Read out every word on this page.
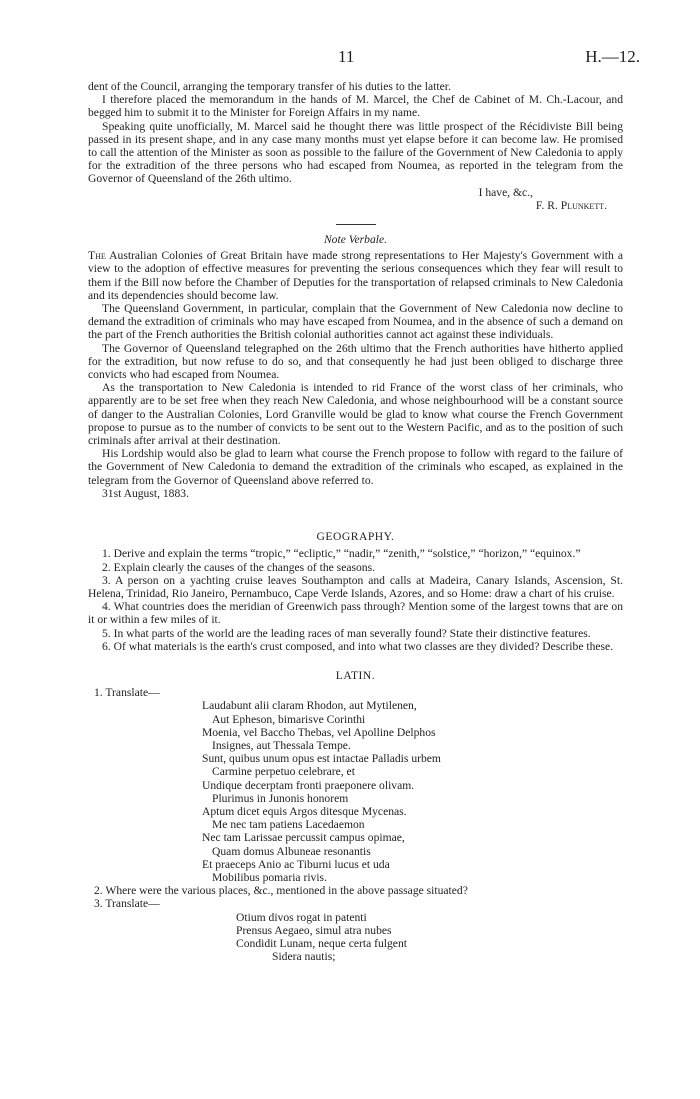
11	H.—12.

dent of the Council, arranging the temporary transfer of his duties to the latter.

I therefore placed the memorandum in the hands of M. Marcel, the Chef de Cabinet of M. Ch.-Lacour, and begged him to submit it to the Minister for Foreign Affairs in my name.

Speaking quite unofficially, M. Marcel said he thought there was little prospect of the Récidiviste Bill being passed in its present shape, and in any case many months must yet elapse before it can become law. He promised to call the attention of the Minister as soon as possible to the failure of the Government of New Caledonia to apply for the extradition of the three persons who had escaped from Noumea, as reported in the telegram from the Governor of Queensland of the 26th ultimo.

I have, &c.,

F. R. Plunkett.

Note Verbale.

The Australian Colonies of Great Britain have made strong representations to Her Majesty's Government with a view to the adoption of effective measures for preventing the serious consequences which they fear will result to them if the Bill now before the Chamber of Deputies for the transportation of relapsed criminals to New Caledonia and its dependencies should become law.

The Queensland Government, in particular, complain that the Government of New Caledonia now decline to demand the extradition of criminals who may have escaped from Noumea, and in the absence of such a demand on the part of the French authorities the British colonial authorities cannot act against these individuals.

The Governor of Queensland telegraphed on the 26th ultimo that the French authorities have hitherto applied for the extradition, but now refuse to do so, and that consequently he had just been obliged to discharge three convicts who had escaped from Noumea.

As the transportation to New Caledonia is intended to rid France of the worst class of her criminals, who apparently are to be set free when they reach New Caledonia, and whose neighbourhood will be a constant source of danger to the Australian Colonies, Lord Granville would be glad to know what course the French Government propose to pursue as to the number of convicts to be sent out to the Western Pacific, and as to the position of such criminals after arrival at their destination.

His Lordship would also be glad to learn what course the French propose to follow with regard to the failure of the Government of New Caledonia to demand the extradition of the criminals who escaped, as explained in the telegram from the Governor of Queensland above referred to.

31st August, 1883.

GEOGRAPHY.

1. Derive and explain the terms “tropic,” “ecliptic,” “nadir,” “zenith,” “solstice,” “horizon,” “equinox.”

2. Explain clearly the causes of the changes of the seasons.

3. A person on a yachting cruise leaves Southampton and calls at Madeira, Canary Islands, Ascension, St. Helena, Trinidad, Rio Janeiro, Pernambuco, Cape Verde Islands, Azores, and so Home: draw a chart of his cruise.

4. What countries does the meridian of Greenwich pass through? Mention some of the largest towns that are on it or within a few miles of it.

5. In what parts of the world are the leading races of man severally found? State their distinctive features.

6. Of what materials is the earth's crust composed, and into what two classes are they divided? Describe these.

LATIN.

1. Translate—

Laudabunt alii claram Rhodon, aut Mytilenen,
Aut Epheson, bimarisve Corinthi
Moenia, vel Baccho Thebas, vel Apolline Delphos
Insignes, aut Thessala Tempe.
Sunt, quibus unum opus est intactae Palladis urbem
Carmine perpetuo celebrare, et
Undique decerptam fronti praeponere olivam.
Plurimus in Junonis honorem
Aptum dicet equis Argos ditesque Mycenas.
Me nec tam patiens Lacedaemon
Nec tam Larissae percussit campus opimae,
Quam domus Albuneae resonantis
Et praeceps Anio ac Tiburni lucus et uda
Mobilibus pomaria rivis.

2. Where were the various places, &c., mentioned in the above passage situated?

3. Translate—

Otium divos rogat in patenti
Prensus Aegaeo, simul atra nubes
Condidit Lunam, neque certa fulgent
Sidera nautis;
